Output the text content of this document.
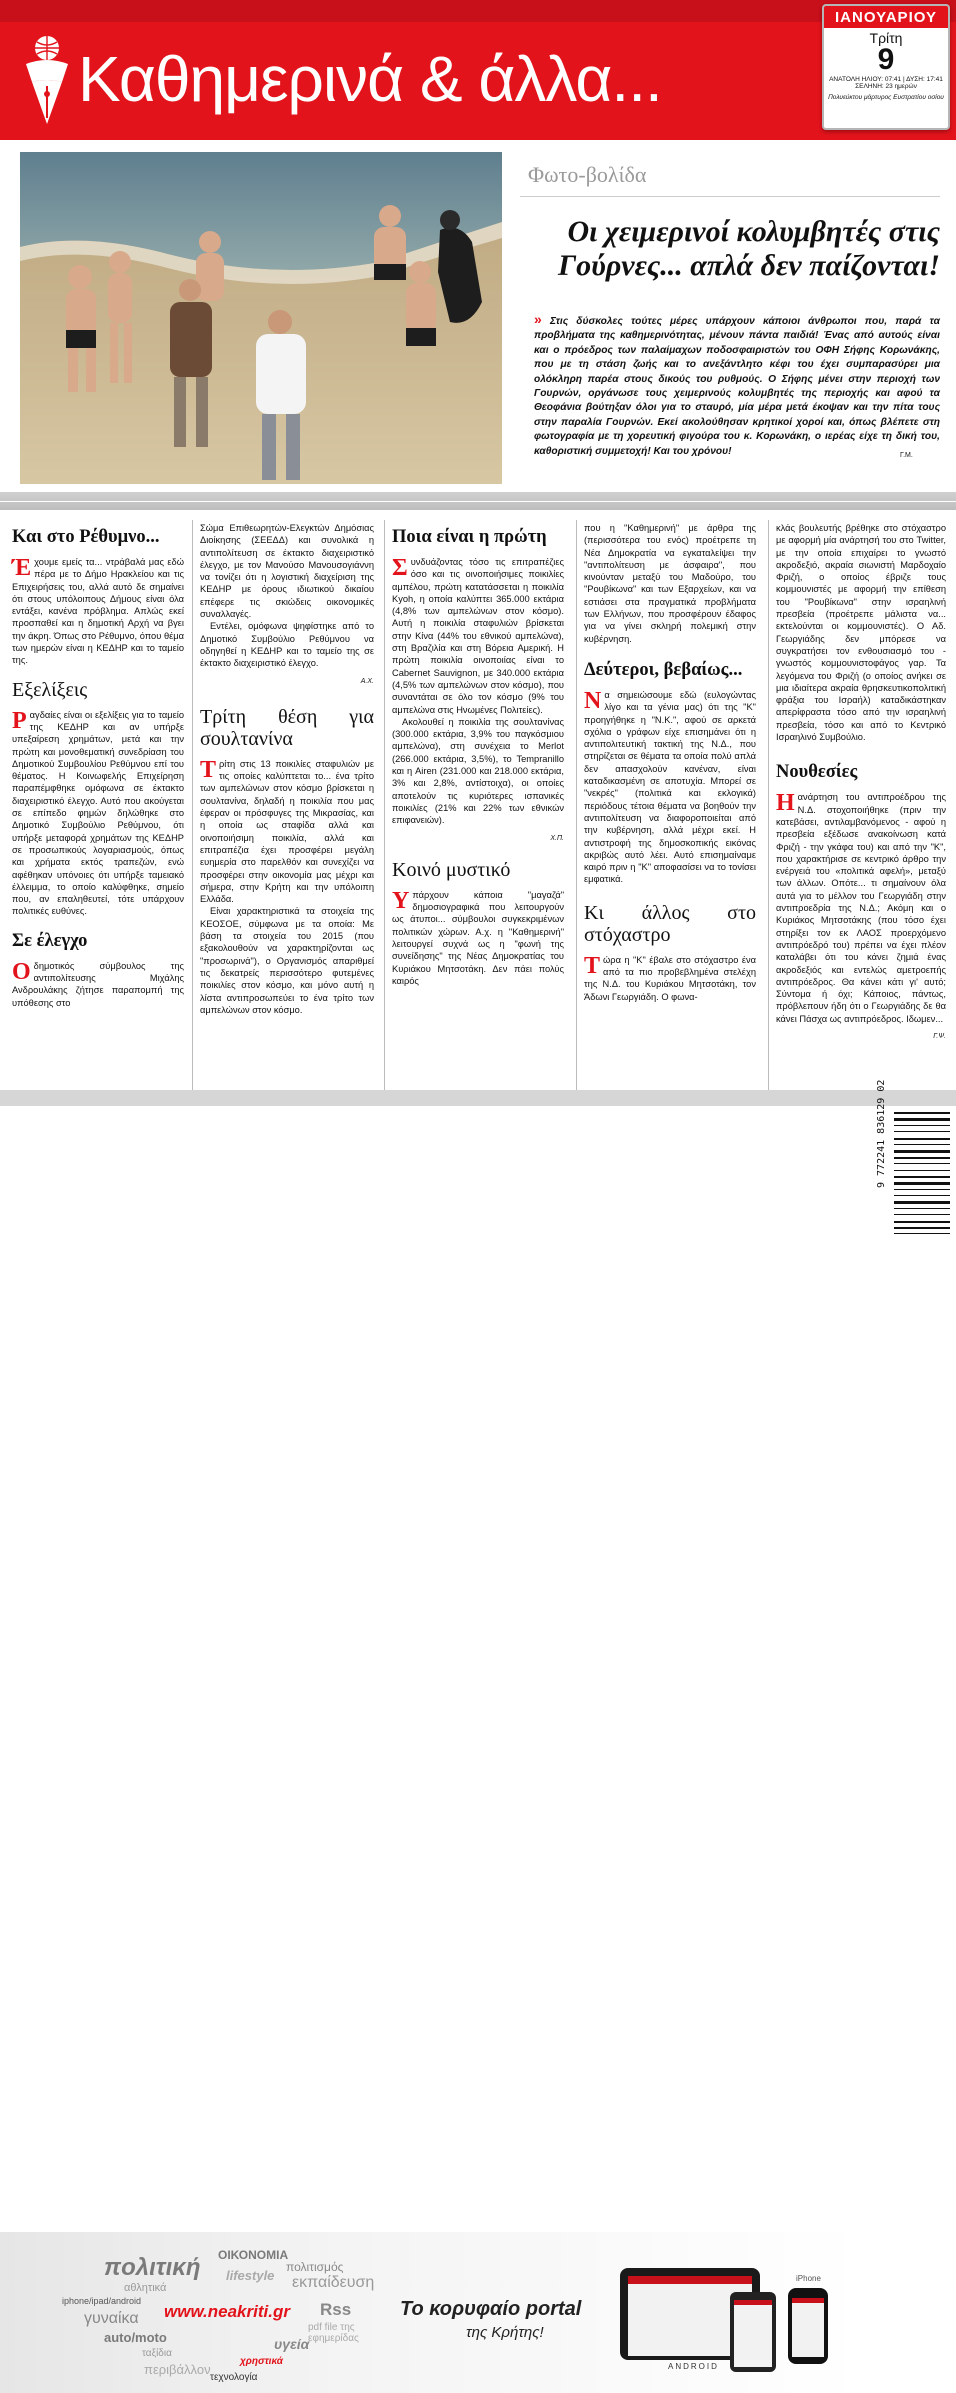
Καθημερινά & άλλα...
ΙΑΝΟΥΑΡΙΟΥ
Τρίτη
9
ΑΝΑΤΟΛΗ ΗΛΙΟΥ: 07:41 | ΔΥΣΗ: 17:41
ΣΕΛΗΝΗ: 23 ημερών
Πολυεύκτου μάρτυρος Ευστρατίου οσίου
Φωτο-βολίδα
Οι χειμερινοί κολυμβητές στις Γούρνες... απλά δεν παίζονται!
» Στις δύσκολες τούτες μέρες υπάρχουν κάποιοι άνθρωποι που, παρά τα προβλήματα της καθημερινότητας, μένουν πάντα παιδιά! Ένας από αυτούς είναι και ο πρόεδρος των παλαίμαχων ποδοσφαιριστών του ΟΦΗ Σήφης Κορωνάκης, που με τη στάση ζωής και το ανεξάντλητο κέφι του έχει συμπαρασύρει μια ολόκληρη παρέα στους δικούς του ρυθμούς. Ο Σήφης μένει στην περιοχή των Γουρνών, οργάνωσε τους χειμερινούς κολυμβητές της περιοχής και αφού τα Θεοφάνια βούτηξαν όλοι για το σταυρό, μία μέρα μετά έκοψαν και την πίτα τους στην παραλία Γουρνών. Εκεί ακολούθησαν κρητικοί χοροί και, όπως βλέπετε στη φωτογραφία με τη χορευτική φιγούρα του κ. Κορωνάκη, ο ιερέας είχε τη δική του, καθοριστική συμμετοχή! Και του χρόνου!	Γ.Μ.
Και στο Ρέθυμνο...

Έχουμε εμείς τα... ντράβαλά μας εδώ πέρα με το Δήμο Ηρακλείου και τις Επιχειρήσεις του, αλλά αυτό δε σημαίνει ότι στους υπόλοιπους Δήμους είναι όλα εντάξει, κανένα πρόβλημα. Απλώς εκεί προσπαθεί και η δημοτική Αρχή να βγει την άκρη. Όπως στο Ρέθυμνο, όπου θέμα των ημερών είναι η ΚΕΔΗΡ και το ταμείο της.

Εξελίξεις

Ραγδαίες είναι οι εξελίξεις για το ταμείο της ΚΕΔΗΡ και αν υπήρξε υπεξαίρεση χρημάτων, μετά και την πρώτη και μονοθεματική συνεδρίαση του Δημοτικού Συμβουλίου Ρεθύμνου επί του θέματος. Η Κοινωφελής Επιχείρηση παραπέμφθηκε ομόφωνα σε έκτακτο διαχειριστικό έλεγχο. Αυτό που ακούγεται σε επίπεδο φημών δηλώθηκε στο Δημοτικό Συμβούλιο Ρεθύμνου, ότι υπήρξε μεταφορά χρημάτων της ΚΕΔΗΡ σε προσωπικούς λογαριασμούς, όπως και χρήματα εκτός τραπεζών, ενώ αφέθηκαν υπόνοιες ότι υπήρξε ταμειακό έλλειμμα, το οποίο καλύφθηκε, σημείο που, αν επαληθευτεί, τότε υπάρχουν πολιτικές ευθύνες.

Σε έλεγχο

Οδημοτικός σύμβουλος της αντιπολίτευσης Μιχάλης Ανδρουλάκης ζήτησε παραπομπή της υπόθεσης στο

Σώμα Επιθεωρητών-Ελεγκτών Δημόσιας Διοίκησης (ΣΕΕΔΔ) και συνολικά η αντιπολίτευση σε έκτακτο διαχειριστικό έλεγχο, με τον Μανούσο Μανουσογιάννη να τονίζει ότι η λογιστική διαχείριση της ΚΕΔΗΡ με όρους ιδιωτικού δικαίου επέφερε τις σκιώδεις οικονομικές συναλλαγές.

Εντέλει, ομόφωνα ψηφίστηκε από το Δημοτικό Συμβούλιο Ρεθύμνου να οδηγηθεί η ΚΕΔΗΡ και το ταμείο της σε έκτακτο διαχειριστικό έλεγχο.

Α.Χ.
Τρίτη θέση για σουλτανίνα

Τρίτη στις 13 ποικιλίες σταφυλιών με τις οποίες καλύπτεται το... ένα τρίτο των αμπελώνων στον κόσμο βρίσκεται η σουλτανίνα, δηλαδή η ποικιλία που μας έφεραν οι πρόσφυγες της Μικρασίας, και η οποία ως σταφίδα αλλά και οινοποιήσιμη ποικιλία, αλλά και επιτραπέζια έχει προσφέρει μεγάλη ευημερία στο παρελθόν και συνεχίζει να προσφέρει στην οικονομία μας μέχρι και σήμερα, στην Κρήτη και την υπόλοιπη Ελλάδα.

Είναι χαρακτηριστικά τα στοιχεία της ΚΕΟΣΟΕ, σύμφωνα με τα οποία: Με βάση τα στοιχεία του 2015 (που εξακολουθούν να χαρακτηρίζονται ως "προσωρινά"), ο Οργανισμός απαριθμεί τις δεκατρείς περισσότερο φυτεμένες ποικιλίες στον κόσμο, και μόνο αυτή η λίστα αντιπροσωπεύει το ένα τρίτο των αμπελώνων στον κόσμο.

Ποια είναι η πρώτη

Συνδυάζοντας τόσο τις επιτραπέζιες όσο και τις οινοποιήσιμες ποικιλίες αμπέλου, πρώτη κατατάσσεται η ποικιλία Kyoh, η οποία καλύπτει 365.000 εκτάρια (4,8% των αμπελώνων στον κόσμο). Αυτή η ποικιλία σταφυλιών βρίσκεται στην Κίνα (44% του εθνικού αμπελώνα), στη Βραζιλία και στη Βόρεια Αμερική. Η πρώτη ποικιλία οινοποιίας είναι το Cabernet Sauvignon, με 340.000 εκτάρια (4,5% των αμπελώνων στον κόσμο), που συναντάται σε όλο τον κόσμο (9% του αμπελώνα στις Ηνωμένες Πολιτείες).

Ακολουθεί η ποικιλία της σουλτανίνας (300.000 εκτάρια, 3,9% του παγκόσμιου αμπελώνα), στη συνέχεια το Merlot (266.000 εκτάρια, 3,5%), το Tempranillo και η Airen (231.000 και 218.000 εκτάρια, 3% και 2,8%, αντίστοιχα), οι οποίες αποτελούν τις κυριότερες ισπανικές ποικιλίες (21% και 22% των εθνικών επιφανειών).

Χ.Π.
Κοινό μυστικό

Υπάρχουν κάποια "μαγαζά" δημοσιογραφικά που λειτουργούν ως άτυποι... σύμβουλοι συγκεκριμένων πολιτικών χώρων. Α.χ. η "Καθημερινή" λειτουργεί συχνά ως η "φωνή της συνείδησης" της Νέας Δημοκρατίας του Κυριάκου Μητσοτάκη. Δεν πάει πολύς καιρός

που η "Καθημερινή" με άρθρα της (περισσότερα του ενός) προέτρεπε τη Νέα Δημοκρατία να εγκαταλείψει την "αντιπολίτευση με άσφαιρα", που κινούνταν μεταξύ του Μαδούρο, του "Ρουβίκωνα" και των Εξαρχείων, και να εστιάσει στα πραγματικά προβλήματα των Ελλήνων, που προσφέρουν έδαφος για να γίνει σκληρή πολεμική στην κυβέρνηση.

Δεύτεροι, βεβαίως...

Να σημειώσουμε εδώ (ευλογώντας λίγο και τα γένια μας) ότι της "Κ" προηγήθηκε η "Ν.Κ.", αφού σε αρκετά σχόλια ο γράφων είχε επισημάνει ότι η αντιπολιτευτική τακτική της Ν.Δ., που στηρίζεται σε θέματα τα οποία πολύ απλά δεν απασχολούν κανέναν, είναι καταδικασμένη σε αποτυχία. Μπορεί σε "νεκρές" (πολιτικά και εκλογικά) περιόδους τέτοια θέματα να βοηθούν την αντιπολίτευση να διαφοροποιείται από την κυβέρνηση, αλλά μέχρι εκεί. Η αντιστροφή της δημοσκοπικής εικόνας ακριβώς αυτό λέει. Αυτό επισημαίναμε καιρό πριν η "Κ" αποφασίσει να το τονίσει εμφατικά.

Κι άλλος στο στόχαστρο

Τώρα η "Κ" έβαλε στο στόχαστρο ένα από τα πιο προβεβλημένα στελέχη της Ν.Δ. του Κυριάκου Μητσοτάκη, τον Άδωνι Γεωργιάδη. Ο φωνα-

κλάς βουλευτής βρέθηκε στο στόχαστρο με αφορμή μία ανάρτησή του στο Twitter, με την οποία επιχαίρει το γνωστό ακροδεξιό, ακραία σιωνιστή Μαρδοχαίο Φριζή, ο οποίος έβριζε τους κομμουνιστές με αφορμή την επίθεση του "Ρουβίκωνα" στην ισραηλινή πρεσβεία (προέτρεπε μάλιστα να... εκτελούνται οι κομμουνιστές). Ο Αδ. Γεωργιάδης δεν μπόρεσε να συγκρατήσει τον ενθουσιασμό του - γνωστός κομμουνιστοφάγος γαρ. Τα λεγόμενα του Φριζή (ο οποίος ανήκει σε μια ιδιαίτερα ακραία θρησκευτικοπολιτική φράξια του Ισραήλ) καταδικάστηκαν απερίφραστα τόσο από την ισραηλινή πρεσβεία, τόσο και από το Κεντρικό Ισραηλινό Συμβούλιο.

Νουθεσίες

Ηανάρτηση του αντιπροέδρου της Ν.Δ. στοχοποιήθηκε (πριν την κατεβάσει, αντιλαμβανόμενος - αφού η πρεσβεία εξέδωσε ανακοίνωση κατά Φριζή - την γκάφα του) και από την "Κ", που χαρακτήρισε σε κεντρικό άρθρο την ενέργειά του «πολιτικά αφελή», μεταξύ των άλλων. Οπότε... τι σημαίνουν όλα αυτά για το μέλλον του Γεωργιάδη στην αντιπροεδρία της Ν.Δ.; Ακόμη και ο Κυριάκος Μητσοτάκης (που τόσο έχει στηρίξει τον εκ ΛΑΟΣ προερχόμενο αντιπρόεδρό του) πρέπει να έχει πλέον καταλάβει ότι του κάνει ζημιά ένας ακροδεξιός και εντελώς αμετροεπής αντιπρόεδρος. Θα κάνει κάτι γι' αυτό; Σύντομα ή όχι; Κάποιος, πάντως, πρόβλεπουν ήδη ότι ο Γεωργιάδης δε θα κάνει Πάσχα ως αντιπρόεδρος. Ιδωμεν...

Γ.Ψ.
πολιτική ΟΙΚΟΝΟΜΙΑ
πολιτισμός
αθλητικά
lifestyle εκπαίδευση
iphone/ipad/android
www.neakriti.gr
γυναίκα	Rss
auto/moto
pdf file της εφημερίδας
ταξίδια
υγεία
περιβάλλον
χρηστικά
τεχνολογία
Το κορυφαίο portal
της Κρήτης!
ANDROID
iPhone
9 772241 836129 02
